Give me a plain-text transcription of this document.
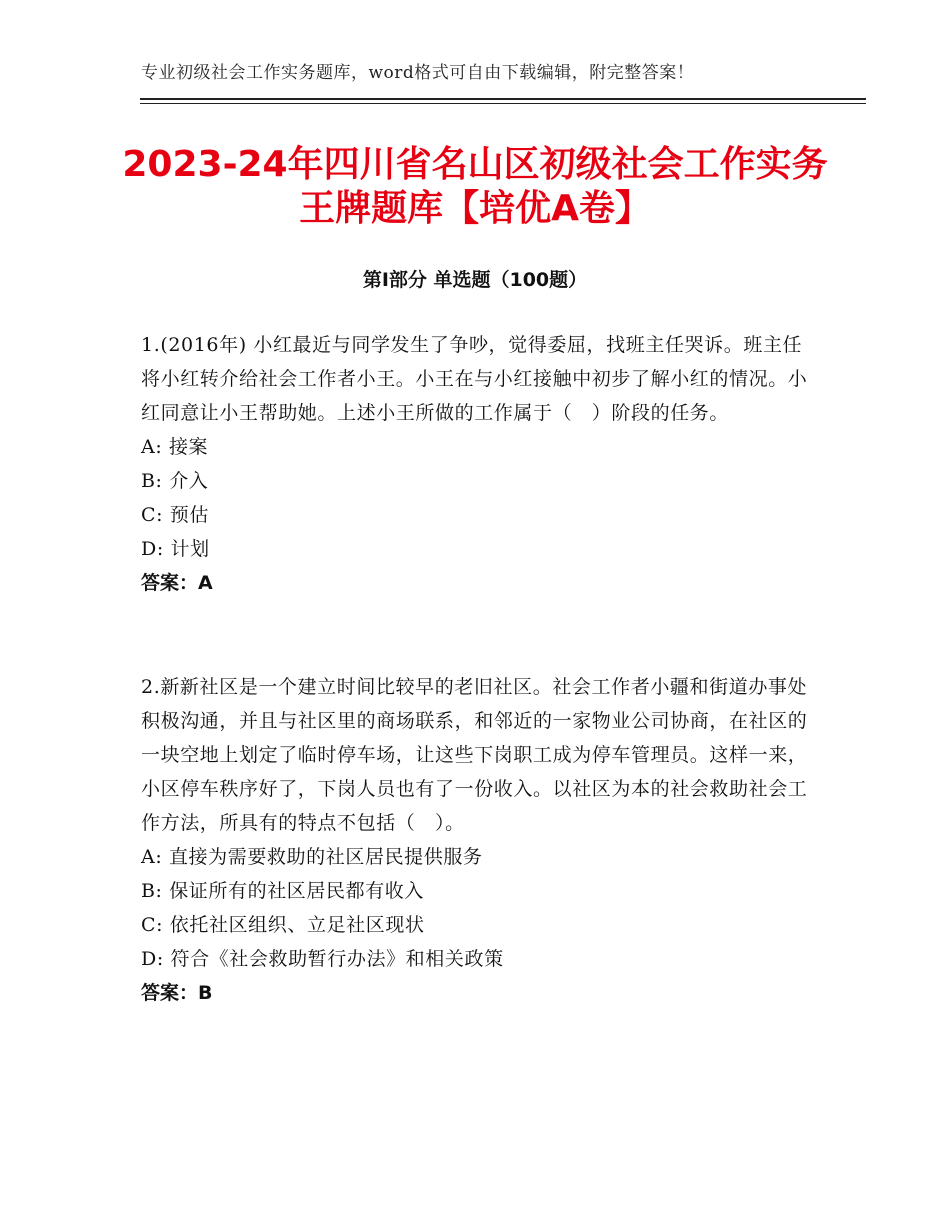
专业初级社会工作实务题库，word格式可自由下载编辑，附完整答案！
2023-24年四川省名山区初级社会工作实务
王牌题库【培优A卷】
第Ⅰ部分 单选题（100题）

1.(2016年) 小红最近与同学发生了争吵，觉得委屈，找班主任哭诉。班主任将小红转介给社会工作者小王。小王在与小红接触中初步了解小红的情况。小红同意让小王帮助她。上述小王所做的工作属于（　）阶段的任务。

A: 接案

B: 介入

C: 预估

D: 计划

答案：A

2.新新社区是一个建立时间比较早的老旧社区。社会工作者小疆和街道办事处积极沟通，并且与社区里的商场联系，和邻近的一家物业公司协商，在社区的一块空地上划定了临时停车场，让这些下岗职工成为停车管理员。这样一来，小区停车秩序好了，下岗人员也有了一份收入。以社区为本的社会救助社会工作方法，所具有的特点不包括（　）。

A: 直接为需要救助的社区居民提供服务

B: 保证所有的社区居民都有收入

C: 依托社区组织、立足社区现状

D: 符合《社会救助暂行办法》和相关政策

答案：B
